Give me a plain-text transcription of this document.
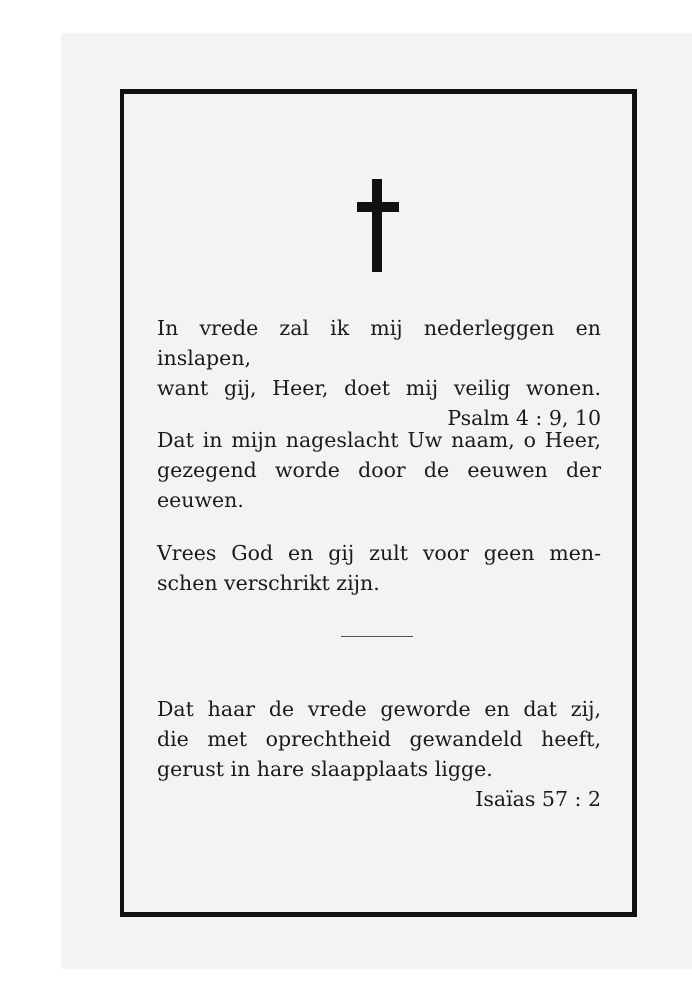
In vrede zal ik mij nederleggen en inslapen,
want gij, Heer, doet mij veilig wonen.
Psalm 4 : 9, 10
Dat in mijn nageslacht Uw naam, o Heer,
gezegend worde door de eeuwen der
eeuwen.
Vrees God en gij zult voor geen men-
schen verschrikt zijn.
Dat haar de vrede geworde en dat zij,
die met oprechtheid gewandeld heeft,
gerust in hare slaapplaats ligge.
Isaïas 57 : 2
